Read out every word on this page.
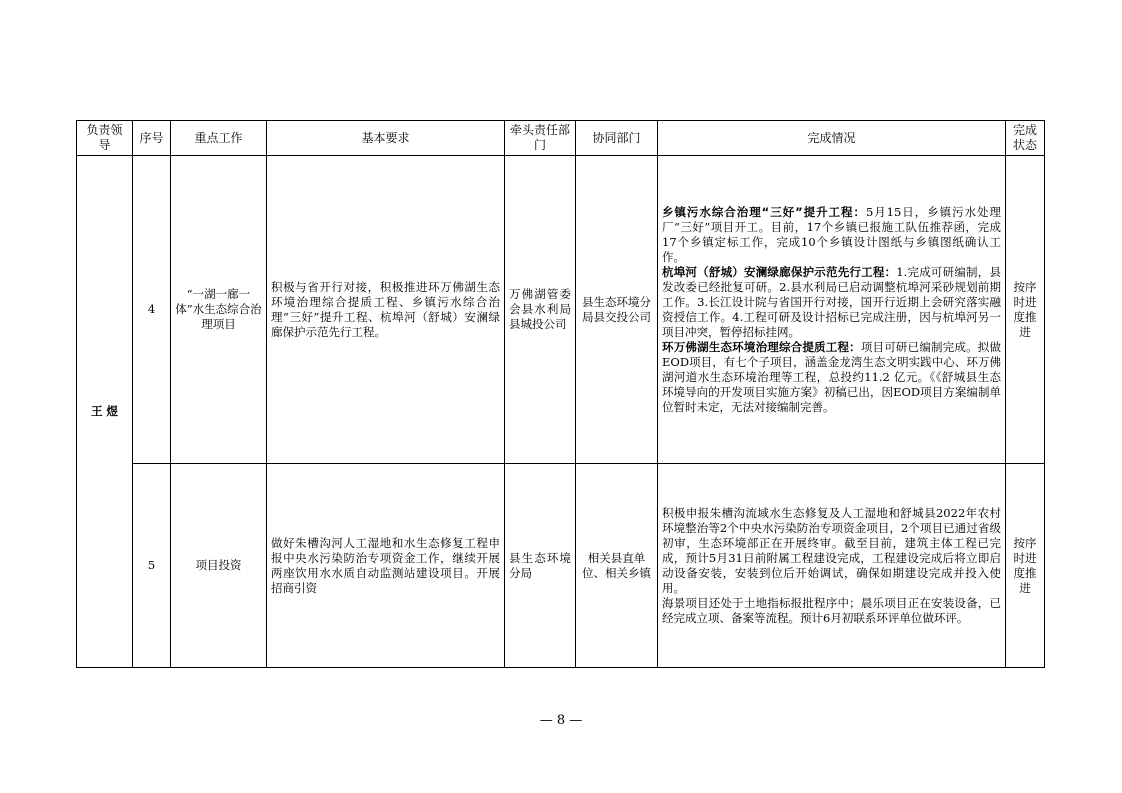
负责领导	序号	重点工作	基本要求	牵头责任部门	协同部门	完成情况	完成状态
王 煜	4	“一湖一廊一体”水生态综合治理项目	积极与省开行对接，积极推进环万佛湖生态环境治理综合提质工程、乡镇污水综合治理“三好”提升工程、杭埠河（舒城）安澜绿廊保护示范先行工程。	万佛湖管委会县水利局县城投公司	县生态环境分局县交投公司	乡镇污水综合治理“三好”提升工程：5月15日，乡镇污水处理厂“三好”项目开工。目前，17个乡镇已报施工队伍推荐函，完成17个乡镇定标工作，完成10个乡镇设计图纸与乡镇图纸确认工作。

杭埠河（舒城）安澜绿廊保护示范先行工程：1.完成可研编制，县发改委已经批复可研。2.县水利局已启动调整杭埠河采砂规划前期工作。3.长江设计院与省国开行对接，国开行近期上会研究落实融资授信工作。4.工程可研及设计招标已完成注册，因与杭埠河另一项目冲突，暂停招标挂网。

环万佛湖生态环境治理综合提质工程：项目可研已编制完成。拟做EOD项目，有七个子项目，涵盖金龙湾生态文明实践中心、环万佛湖河道水生态环境治理等工程，总投约11.2 亿元。《《舒城县生态环境导向的开发项目实施方案》初稿已出，因EOD项目方案编制单位暂时未定，无法对接编制完善。	按序时进度推进
	5	项目投资	做好朱槽沟河人工湿地和水生态修复工程申报中央水污染防治专项资金工作，继续开展两座饮用水水质自动监测站建设项目。开展招商引资	县生态环境分局	相关县直单位、相关乡镇	积极申报朱槽沟流域水生态修复及人工湿地和舒城县2022年农村环境整治等2个中央水污染防治专项资金项目，2个项目已通过省级初审，生态环境部正在开展终审。截至目前，建筑主体工程已完成，预计5月31日前附属工程建设完成，工程建设完成后将立即启动设备安装，安装到位后开始调试，确保如期建设完成并投入使用。

海景项目还处于土地指标报批程序中；晨乐项目正在安装设备，已经完成立项、备案等流程。预计6月初联系环评单位做环评。	按序时进度推进
— 8 —
